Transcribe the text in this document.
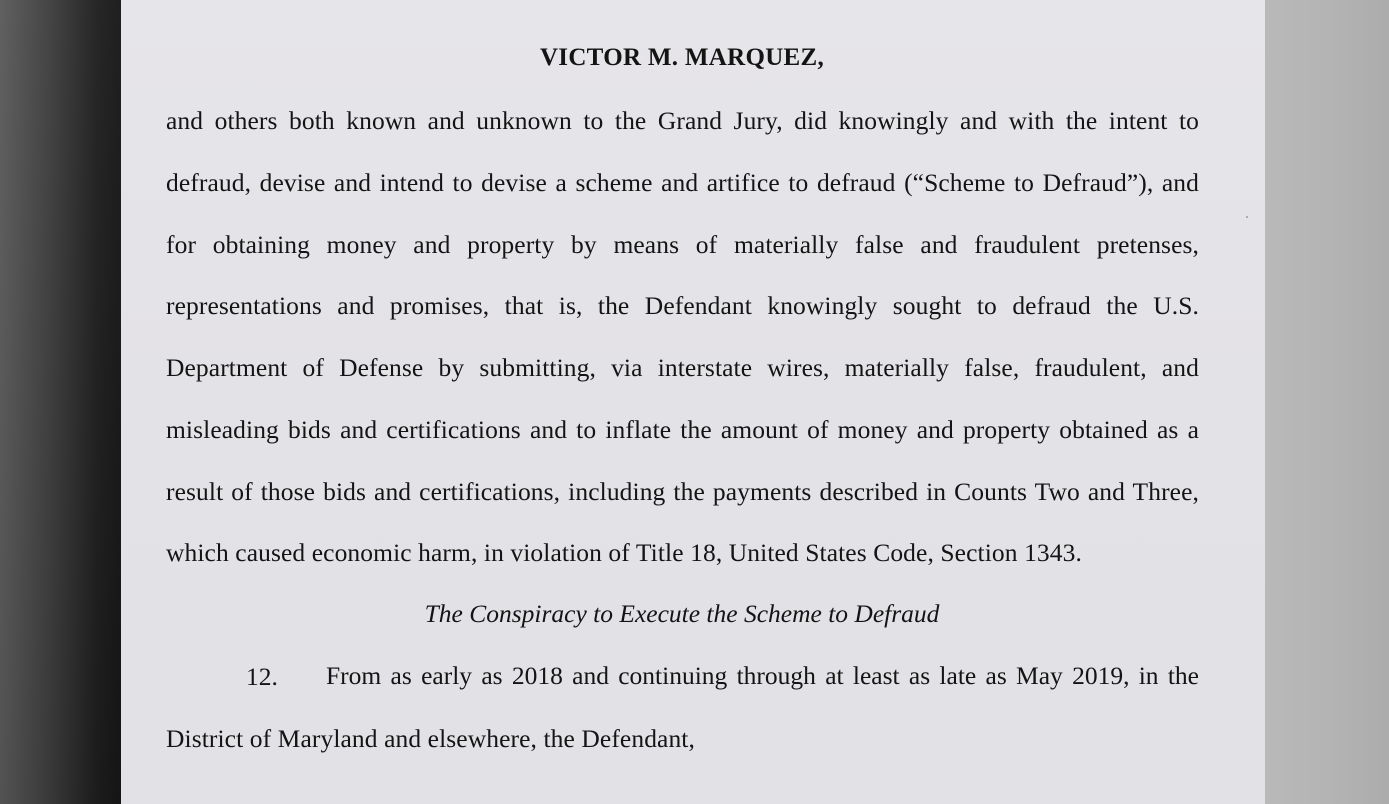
VICTOR M. MARQUEZ,
and others both known and unknown to the Grand Jury, did knowingly and with the intent to
defraud, devise and intend to devise a scheme and artifice to defraud (“Scheme to Defraud”), and
for obtaining money and property by means of materially false and fraudulent pretenses,
representations and promises, that is, the Defendant knowingly sought to defraud the U.S.
Department of Defense by submitting, via interstate wires, materially false, fraudulent, and
misleading bids and certifications and to inflate the amount of money and property obtained as a
result of those bids and certifications, including the payments described in Counts Two and Three,
which caused economic harm, in violation of Title 18, United States Code, Section 1343.
The Conspiracy to Execute the Scheme to Defraud
12. From as early as 2018 and continuing through at least as late as May 2019, in the
District of Maryland and elsewhere, the Defendant,
